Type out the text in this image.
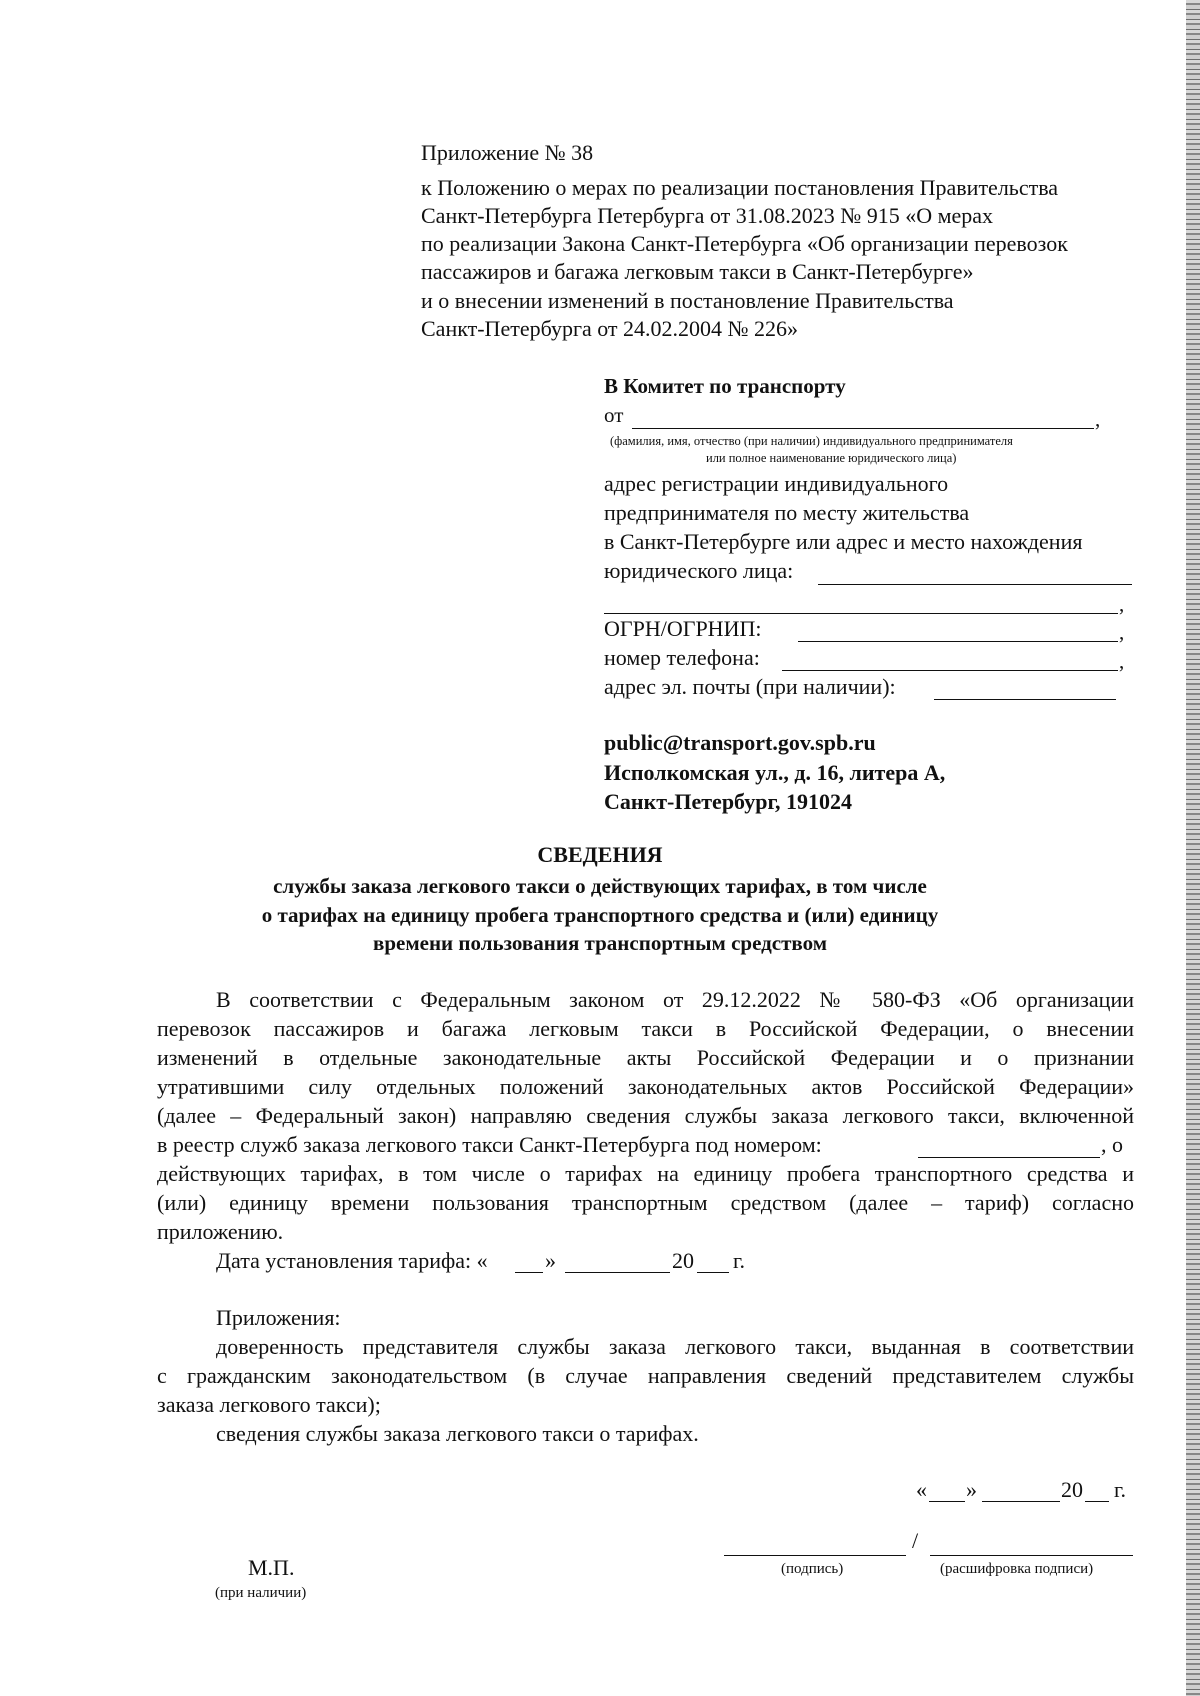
Приложение № 38
к Положению о мерах по реализации постановления Правительства
Санкт-Петербурга Петербурга от 31.08.2023 № 915 «О мерах
по реализации Закона Санкт-Петербурга «Об организации перевозок
пассажиров и багажа легковым такси в Санкт-Петербурге»
и о внесении изменений в постановление Правительства
Санкт-Петербурга от 24.02.2004 № 226»
В Комитет по транспорту
от	,
(фамилия, имя, отчество (при наличии) индивидуального предпринимателя
или полное наименование юридического лица)
адрес регистрации индивидуального
предпринимателя по месту жительства
в Санкт-Петербурге или адрес и место нахождения
юридического лица:
,
ОГРН/ОГРНИП:	,
номер телефона:	,
адрес эл. почты (при наличии):
public@transport.gov.spb.ru
Исполкомская ул., д. 16, литера А,
Санкт-Петербург, 191024
СВЕДЕНИЯ
службы заказа легкового такси о действующих тарифах, в том числе
о тарифах на единицу пробега транспортного средства и (или) единицу
времени пользования транспортным средством
В соответствии с Федеральным законом от 29.12.2022 № 580-ФЗ «Об организации
перевозок пассажиров и багажа легковым такси в Российской Федерации, о внесении
изменений в отдельные законодательные акты Российской Федерации и о признании
утратившими силу отдельных положений законодательных актов Российской Федерации»
(далее – Федеральный закон) направляю сведения службы заказа легкового такси, включенной
в реестр служб заказа легкового такси Санкт-Петербурга под номером:	, о
действующих тарифах, в том числе о тарифах на единицу пробега транспортного средства и
(или) единицу времени пользования транспортным средством (далее – тариф) согласно
приложению.
Дата установления тарифа: «	»	20 г.
Приложения:
доверенность представителя службы заказа легкового такси, выданная в соответствии
с гражданским законодательством (в случае направления сведений представителем службы
заказа легкового такси);
сведения службы заказа легкового такси о тарифах.
« »	20 г.
/
(подпись)	(расшифровка подписи)
М.П.
(при наличии)
